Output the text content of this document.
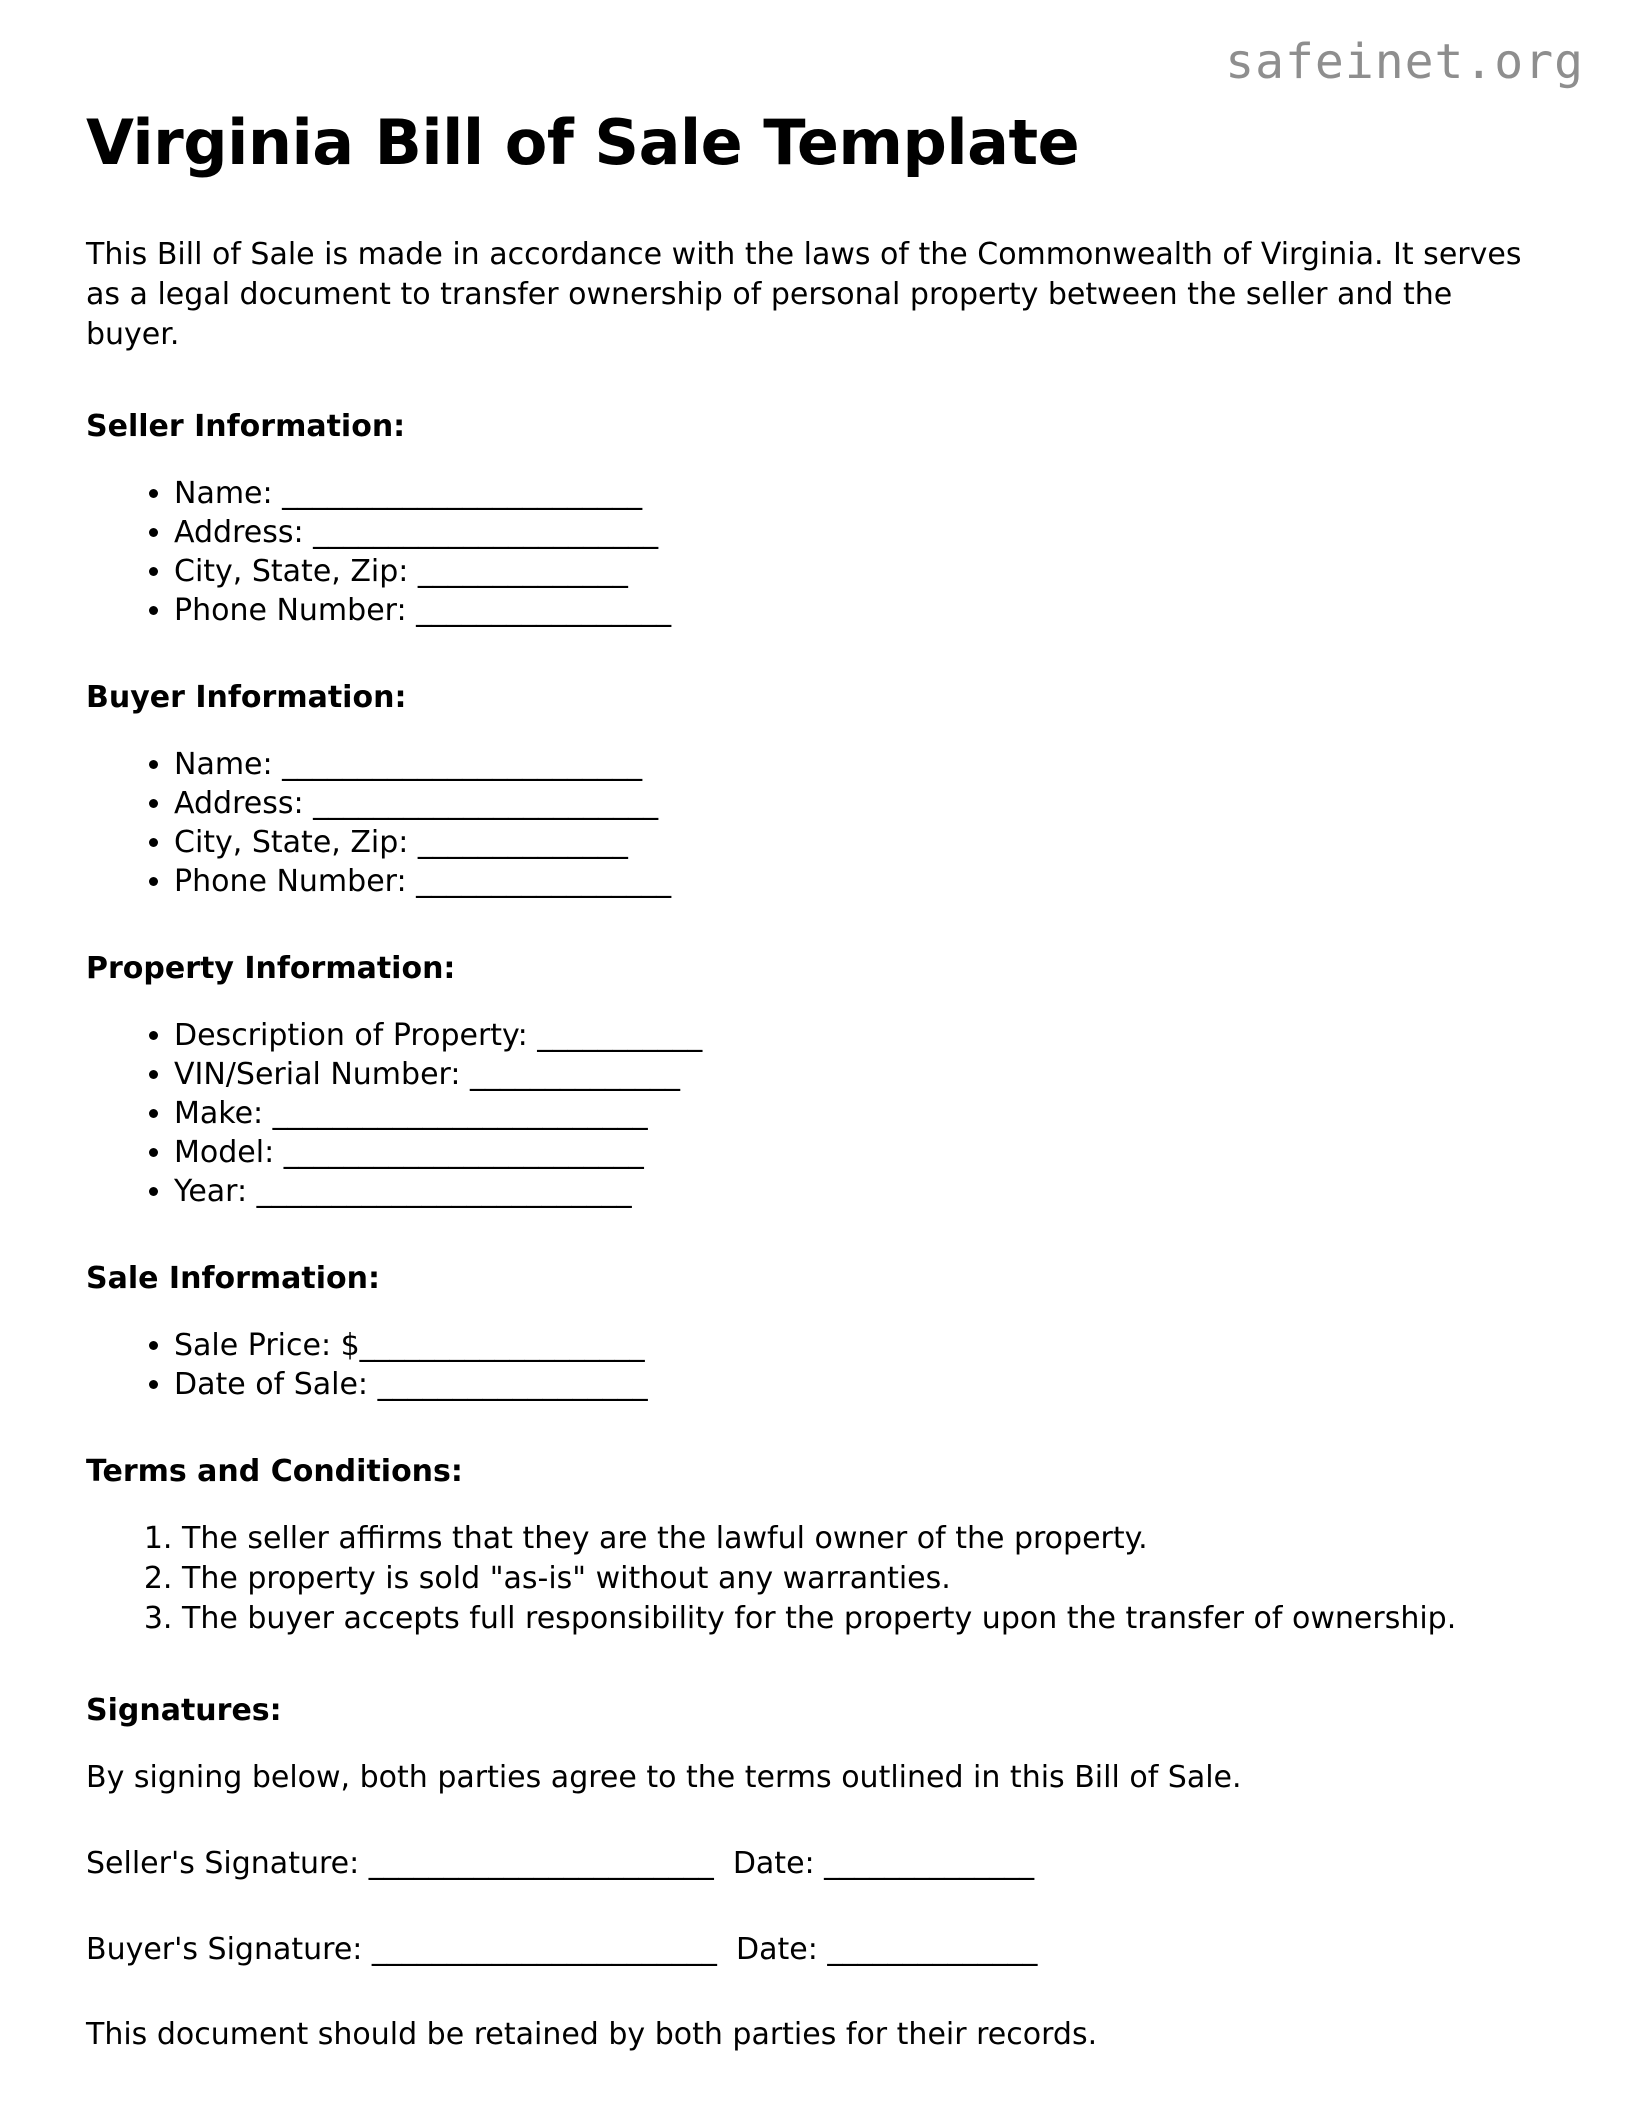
safeinet.org
Virginia Bill of Sale Template

This Bill of Sale is made in accordance with the laws of the Commonwealth of Virginia. It serves as a legal document to transfer ownership of personal property between the seller and the buyer.

Seller Information:
• Name: ________________________
• Address: _______________________
• City, State, Zip: ______________
• Phone Number: _________________
Buyer Information:
• Name: ________________________
• Address: _______________________
• City, State, Zip: ______________
• Phone Number: _________________
Property Information:
• Description of Property: ___________
• VIN/Serial Number: ______________
• Make: _________________________
• Model: ________________________
• Year: _________________________
Sale Information:
• Sale Price: $___________________
• Date of Sale: __________________
Terms and Conditions:
1. The seller affirms that they are the lawful owner of the property.
2. The property is sold "as-is" without any warranties.
3. The buyer accepts full responsibility for the property upon the transfer of ownership.
Signatures:

By signing below, both parties agree to the terms outlined in this Bill of Sale.

Seller's Signature: _______________________  Date: ______________

Buyer's Signature: _______________________  Date: ______________

This document should be retained by both parties for their records.
